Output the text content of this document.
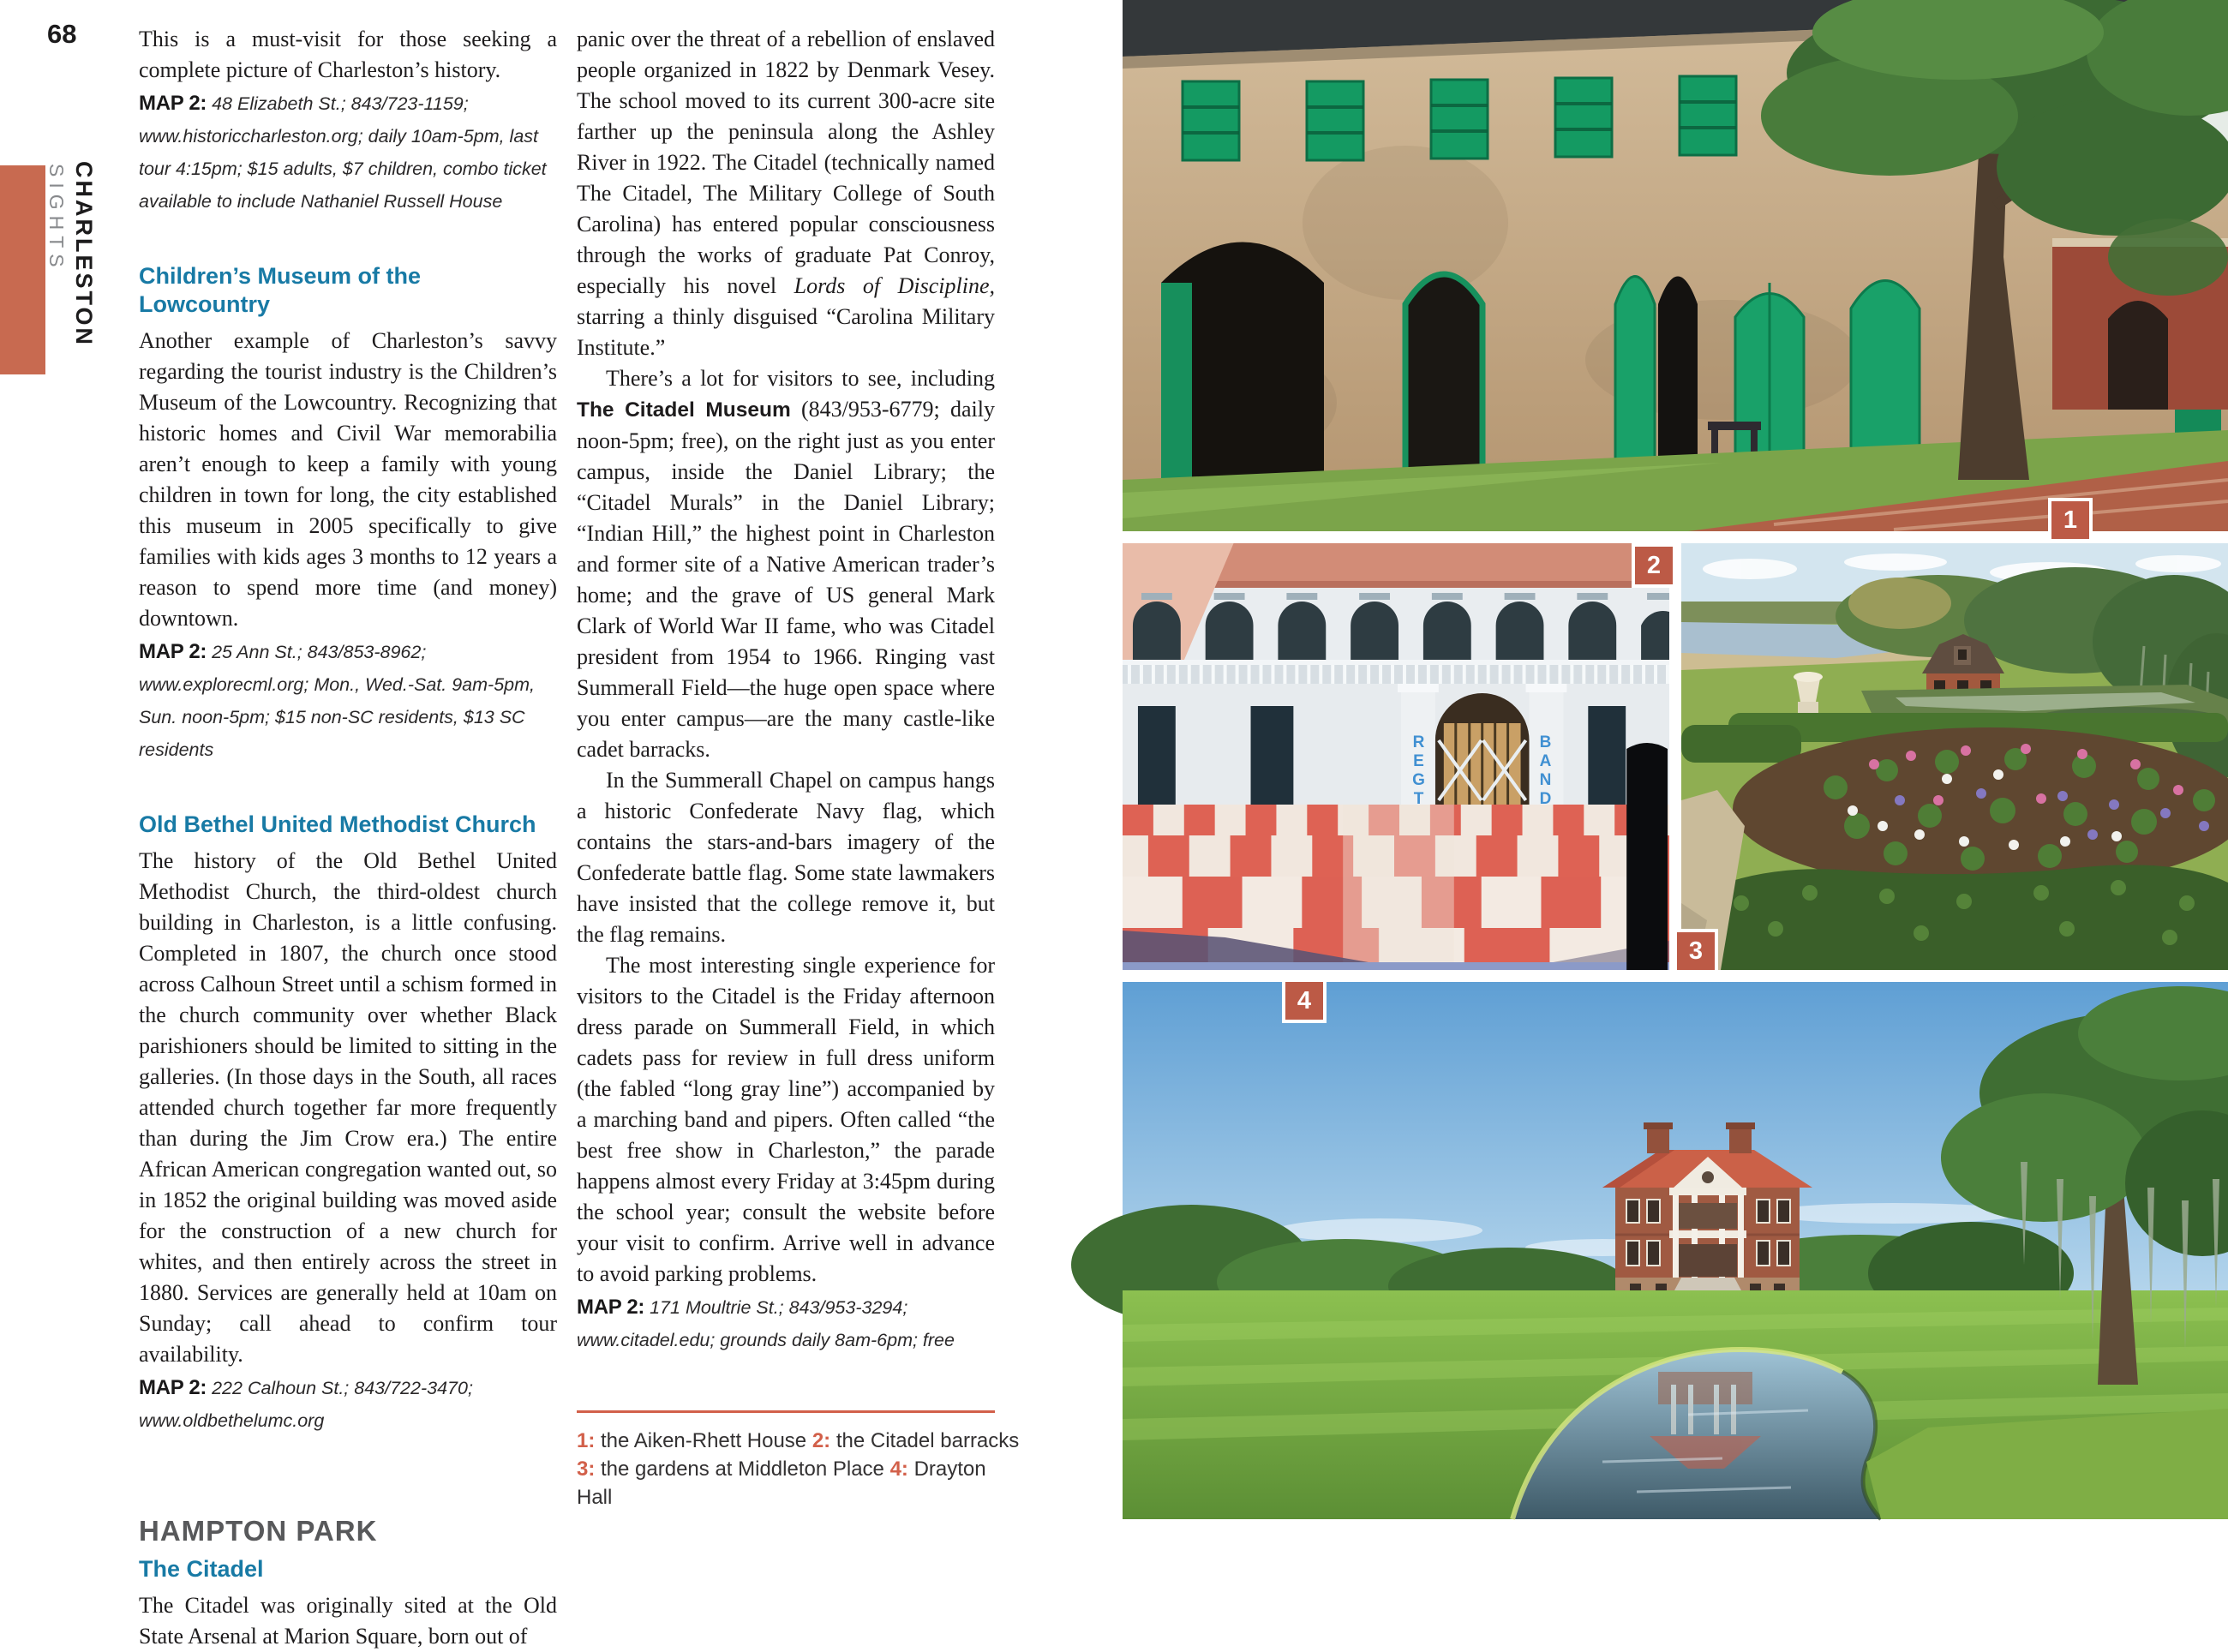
68
SIGHTS CHARLESTON

This is a must-visit for those seeking a complete picture of Charleston’s history.

MAP 2: 48 Elizabeth St.; 843/723-1159; www.historiccharleston.org; daily 10am-5pm, last tour 4:15pm; $15 adults, $7 children, combo ticket available to include Nathaniel Russell House

Children’s Museum of the Lowcountry

Another example of Charleston’s savvy regarding the tourist industry is the Children’s Museum of the Lowcountry. Recognizing that historic homes and Civil War memorabilia aren’t enough to keep a family with young children in town for long, the city established this museum in 2005 specifically to give families with kids ages 3 months to 12 years a reason to spend more time (and money) downtown.

MAP 2: 25 Ann St.; 843/853-8962; www.explorecml.org; Mon., Wed.-Sat. 9am-5pm, Sun. noon-5pm; $15 non-SC residents, $13 SC residents

Old Bethel United Methodist Church

The history of the Old Bethel United Methodist Church, the third-oldest church building in Charleston, is a little confusing. Completed in 1807, the church once stood across Calhoun Street until a schism formed in the church community over whether Black parishioners should be limited to sitting in the galleries. (In those days in the South, all races attended church together far more frequently than during the Jim Crow era.) The entire African American congregation wanted out, so in 1852 the original building was moved aside for the construction of a new church for whites, and then entirely across the street in 1880. Services are generally held at 10am on Sunday; call ahead to confirm tour availability.

MAP 2: 222 Calhoun St.; 843/722-3470; www.oldbethelumc.org

HAMPTON PARK
The Citadel

The Citadel was originally sited at the Old State Arsenal at Marion Square, born out of

panic over the threat of a rebellion of enslaved people organized in 1822 by Denmark Vesey. The school moved to its current 300-acre site farther up the peninsula along the Ashley River in 1922. The Citadel (technically named The Citadel, The Military College of South Carolina) has entered popular consciousness through the works of graduate Pat Conroy, especially his novel Lords of Discipline, starring a thinly disguised “Carolina Military Institute.”

There’s a lot for visitors to see, including The Citadel Museum (843/953-6779; daily noon-5pm; free), on the right just as you enter campus, inside the Daniel Library; the “Citadel Murals” in the Daniel Library; “Indian Hill,” the highest point in Charleston and former site of a Native American trader’s home; and the grave of US general Mark Clark of World War II fame, who was Citadel president from 1954 to 1966. Ringing vast Summerall Field—the huge open space where you enter campus—are the many castle-like cadet barracks.

In the Summerall Chapel on campus hangs a historic Confederate Navy flag, which contains the stars-and-bars imagery of the Confederate battle flag. Some state lawmakers have insisted that the college remove it, but the flag remains.

The most interesting single experience for visitors to the Citadel is the Friday afternoon dress parade on Summerall Field, in which cadets pass for review in full dress uniform (the fabled “long gray line”) accompanied by a marching band and pipers. Often called “the best free show in Charleston,” the parade happens almost every Friday at 3:45pm during the school year; consult the website before your visit to confirm. Arrive well in advance to avoid parking problems.

MAP 2: 171 Moultrie St.; 843/953-3294; www.citadel.edu; grounds daily 8am-6pm; free

1: the Aiken-Rhett House 2: the Citadel barracks
3: the gardens at Middleton Place 4: Drayton Hall
REGT	BAND
1
2
3
4
